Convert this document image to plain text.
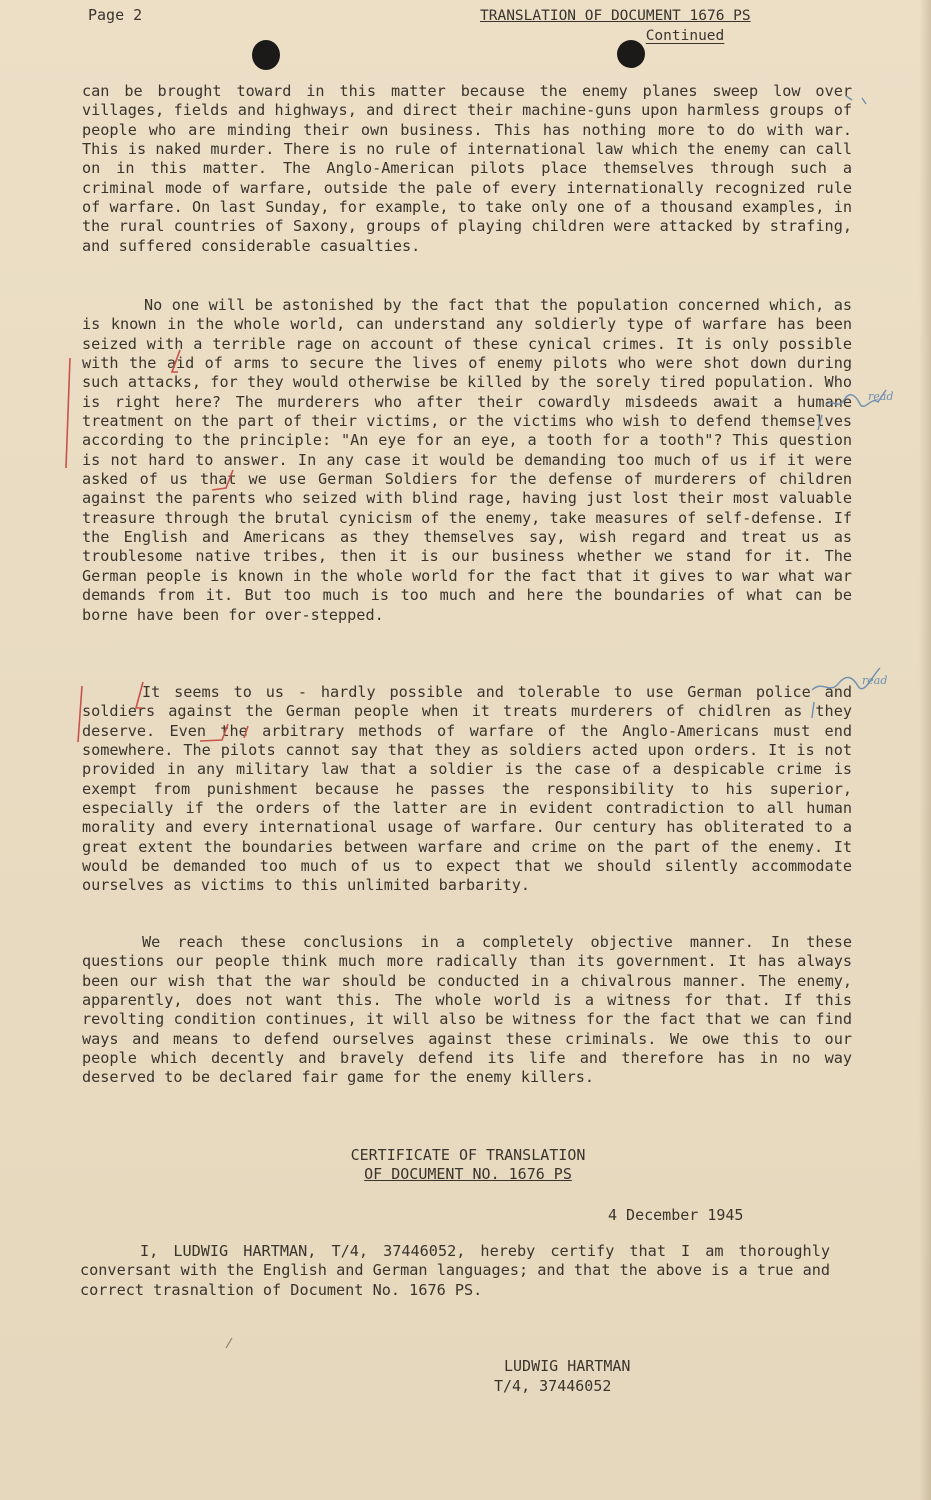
Page 2	TRANSLATION OF DOCUMENT 1676 PS
Continued
can be brought toward in this matter because the enemy planes sweep low over villages, fields and highways, and direct their machine-guns upon harmless groups of people who are minding their own business. This has nothing more to do with war. This is naked murder. There is no rule of international law which the enemy can call on in this matter. The Anglo-American pilots place themselves through such a criminal mode of warfare, outside the pale of every internationally recognized rule of warfare. On last Sunday, for example, to take only one of a thousand examples, in the rural countries of Saxony, groups of playing children were attacked by strafing, and suffered considerable casualties.
No one will be astonished by the fact that the population concerned which, as is known in the whole world, can understand any soldierly type of warfare has been seized with a terrible rage on account of these cynical crimes. It is only possible with the aid of arms to secure the lives of enemy pilots who were shot down during such attacks, for they would otherwise be killed by the sorely tired population. Who is right here? The murderers who after their cowardly misdeeds await a humane treatment on the part of their victims, or the victims who wish to defend themselves according to the principle: "An eye for an eye, a tooth for a tooth"? This question is not hard to answer. In any case it would be demanding too much of us if it were asked of us that we use German Soldiers for the defense of murderers of children against the parents who seized with blind rage, having just lost their most valuable treasure through the brutal cynicism of the enemy, take measures of self-defense. If the English and Americans as they themselves say, wish regard and treat us as troublesome native tribes, then it is our business whether we stand for it. The German people is known in the whole world for the fact that it gives to war what war demands from it. But too much is too much and here the boundaries of what can be borne have been for over-stepped.
It seems to us - hardly possible and tolerable to use German police and soldiers against the German people when it treats murderers of chidlren as they deserve. Even the arbitrary methods of warfare of the Anglo-Americans must end somewhere. The pilots cannot say that they as soldiers acted upon orders. It is not provided in any military law that a soldier is the case of a despicable crime is exempt from punishment because he passes the responsibility to his superior, especially if the orders of the latter are in evident contradiction to all human morality and every international usage of warfare. Our century has obliterated to a great extent the boundaries between warfare and crime on the part of the enemy. It would be demanded too much of us to expect that we should silently accommodate ourselves as victims to this unlimited barbarity.
We reach these conclusions in a completely objective manner. In these questions our people think much more radically than its government. It has always been our wish that the war should be conducted in a chivalrous manner. The enemy, apparently, does not want this. The whole world is a witness for that. If this revolting condition continues, it will also be witness for the fact that we can find ways and means to defend ourselves against these criminals. We owe this to our people which decently and bravely defend its life and therefore has in no way deserved to be declared fair game for the enemy killers.
CERTIFICATE OF TRANSLATION
OF DOCUMENT NO. 1676 PS
4 December 1945
I, LUDWIG HARTMAN, T/4, 37446052, hereby certify that I am thoroughly conversant with the English and German languages; and that the above is a true and correct trasnaltion of Document No. 1676 PS.
LUDWIG HARTMAN
T/4, 37446052
read
read
